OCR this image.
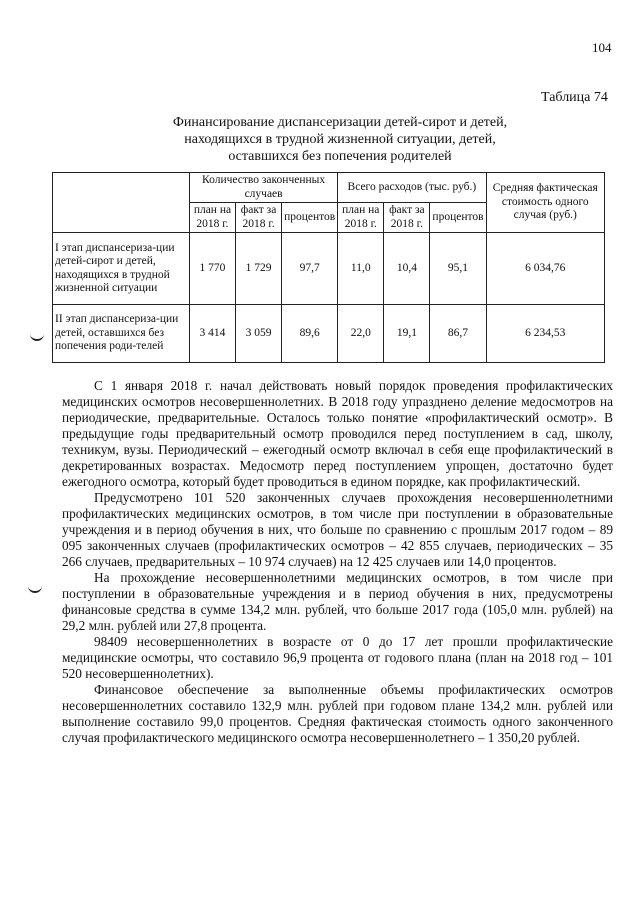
104
Таблица 74
Финансирование диспансеризации детей-сирот и детей,
находящихся в трудной жизненной ситуации, детей,
оставшихся без попечения родителей
	Количество законченных случаев			Всего расходов (тыс. руб.)			Средняя фактическая стоимость одного случая (руб.)
	план на 2018 г.	факт за 2018 г.	процентов	план на 2018 г.	факт за 2018 г.	процентов	
I этап диспансериза-ции детей-сирот и детей, находящихся в трудной жизненной ситуации	1 770	1 729	97,7	11,0	10,4	95,1	6 034,76
II этап диспансериза-ции детей, оставшихся без попечения роди-телей	3 414	3 059	89,6	22,0	19,1	86,7	6 234,53

С 1 января 2018 г. начал действовать новый порядок проведения профилактических медицинских осмотров несовершеннолетних. В 2018 году упразднено деление медосмотров на периодические, предварительные. Осталось только понятие «профилактический осмотр». В предыдущие годы предварительный осмотр проводился перед поступлением в сад, школу, техникум, вузы. Периодический – ежегодный осмотр включал в себя еще профилактический в декретированных возрастах. Медосмотр перед поступлением упрощен, достаточно будет ежегодного осмотра, который будет проводиться в едином порядке, как профилактический.

Предусмотрено 101 520 законченных случаев прохождения несовершеннолетними профилактических медицинских осмотров, в том числе при поступлении в образовательные учреждения и в период обучения в них, что больше по сравнению с прошлым 2017 годом – 89 095 законченных случаев (профилактических осмотров – 42 855 случаев, периодических – 35 266 случаев, предварительных – 10 974 случаев) на 12 425 случаев или 14,0 процентов.

На прохождение несовершеннолетними медицинских осмотров, в том числе при поступлении в образовательные учреждения и в период обучения в них, предусмотрены финансовые средства в сумме 134,2 млн. рублей, что больше 2017 года (105,0 млн. рублей) на 29,2 млн. рублей или 27,8 процента.

98409 несовершеннолетних в возрасте от 0 до 17 лет прошли профилактические медицинские осмотры, что составило 96,9 процента от годового плана (план на 2018 год – 101 520 несовершеннолетних).

Финансовое обеспечение за выполненные объемы профилактических осмотров несовершеннолетних составило 132,9 млн. рублей при годовом плане 134,2 млн. рублей или выполнение составило 99,0 процентов. Средняя фактическая стоимость одного законченного случая профилактического медицинского осмотра несовершеннолетнего – 1 350,20 рублей.
